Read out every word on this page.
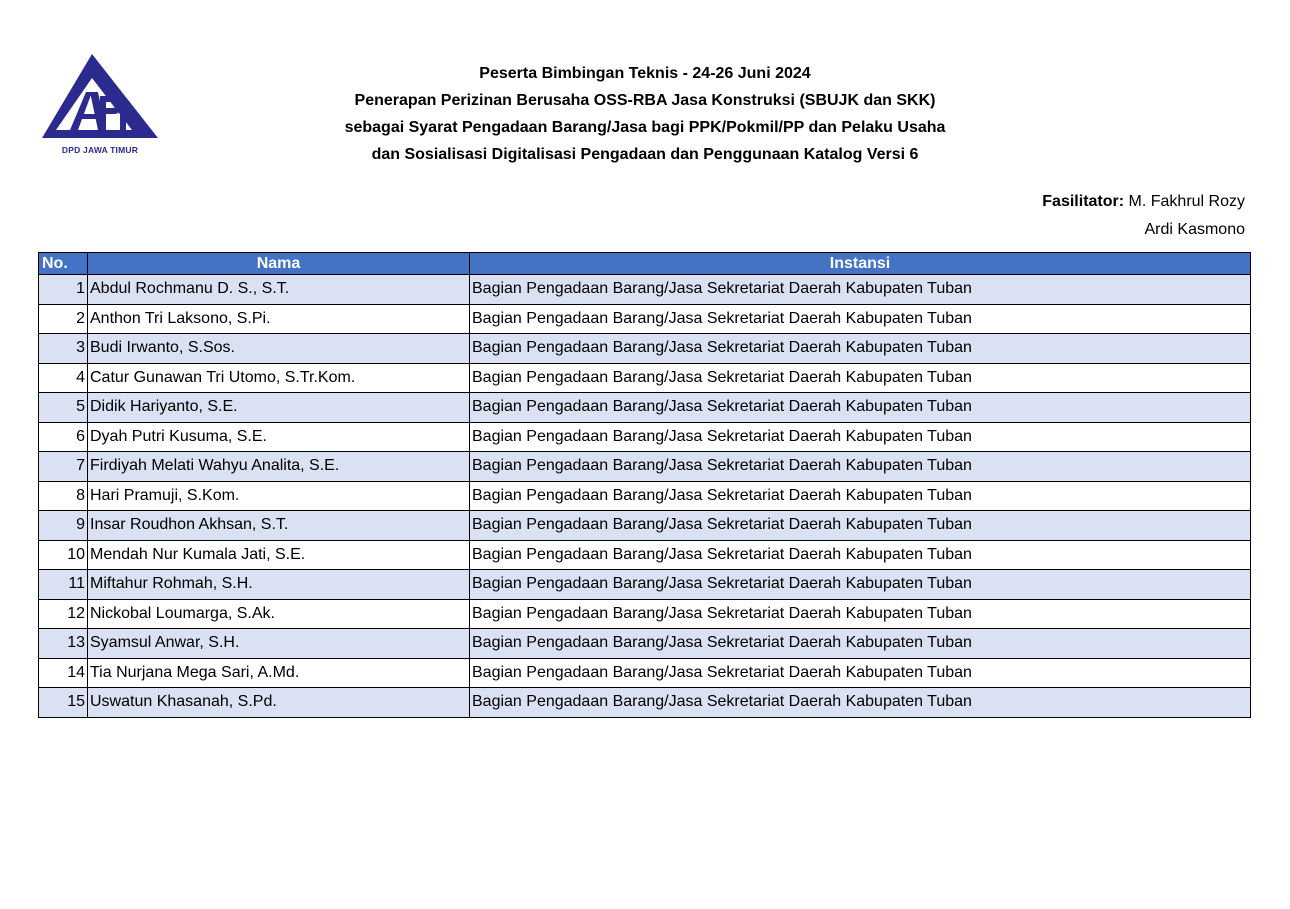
DPD JAWA TIMUR
Peserta Bimbingan Teknis - 24-26 Juni 2024
Penerapan Perizinan Berusaha OSS-RBA Jasa Konstruksi (SBUJK dan SKK)
sebagai Syarat Pengadaan Barang/Jasa bagi PPK/Pokmil/PP dan Pelaku Usaha
dan Sosialisasi Digitalisasi Pengadaan dan Penggunaan Katalog Versi 6
Fasilitator: M. Fakhrul Rozy
Ardi Kasmono
No.	Nama	Instansi
1	Abdul Rochmanu D. S., S.T.	Bagian Pengadaan Barang/Jasa Sekretariat Daerah Kabupaten Tuban
2	Anthon Tri Laksono, S.Pi.	Bagian Pengadaan Barang/Jasa Sekretariat Daerah Kabupaten Tuban
3	Budi Irwanto, S.Sos.	Bagian Pengadaan Barang/Jasa Sekretariat Daerah Kabupaten Tuban
4	Catur Gunawan Tri Utomo, S.Tr.Kom.	Bagian Pengadaan Barang/Jasa Sekretariat Daerah Kabupaten Tuban
5	Didik Hariyanto, S.E.	Bagian Pengadaan Barang/Jasa Sekretariat Daerah Kabupaten Tuban
6	Dyah Putri Kusuma, S.E.	Bagian Pengadaan Barang/Jasa Sekretariat Daerah Kabupaten Tuban
7	Firdiyah Melati Wahyu Analita, S.E.	Bagian Pengadaan Barang/Jasa Sekretariat Daerah Kabupaten Tuban
8	Hari Pramuji, S.Kom.	Bagian Pengadaan Barang/Jasa Sekretariat Daerah Kabupaten Tuban
9	Insar Roudhon Akhsan, S.T.	Bagian Pengadaan Barang/Jasa Sekretariat Daerah Kabupaten Tuban
10	Mendah Nur Kumala Jati, S.E.	Bagian Pengadaan Barang/Jasa Sekretariat Daerah Kabupaten Tuban
11	Miftahur Rohmah, S.H.	Bagian Pengadaan Barang/Jasa Sekretariat Daerah Kabupaten Tuban
12	Nickobal Loumarga, S.Ak.	Bagian Pengadaan Barang/Jasa Sekretariat Daerah Kabupaten Tuban
13	Syamsul Anwar, S.H.	Bagian Pengadaan Barang/Jasa Sekretariat Daerah Kabupaten Tuban
14	Tia Nurjana Mega Sari, A.Md.	Bagian Pengadaan Barang/Jasa Sekretariat Daerah Kabupaten Tuban
15	Uswatun Khasanah, S.Pd.	Bagian Pengadaan Barang/Jasa Sekretariat Daerah Kabupaten Tuban
